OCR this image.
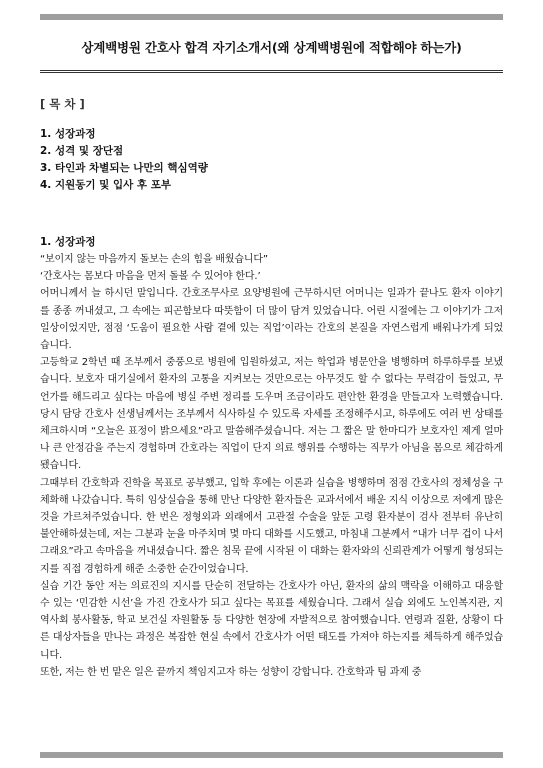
상계백병원 간호사 합격 자기소개서(왜 상계백병원에 적합해야 하는가)
[ 목 차 ]
1. 성장과정
2. 성격 및 장단점
3. 타인과 차별되는 나만의 핵심역량
4. 지원동기 및 입사 후 포부
1. 성장과정

“보이지 않는 마음까지 돌보는 손의 힘을 배웠습니다”

‘간호사는 몸보다 마음을 먼저 돌볼 수 있어야 한다.’

어머니께서 늘 하시던 말입니다. 간호조무사로 요양병원에 근무하시던 어머니는 일과가 끝나도 환자 이야기를 종종 꺼내셨고, 그 속에는 피곤함보다 따뜻함이 더 많이 담겨 있었습니다. 어린 시절에는 그 이야기가 그저 일상이었지만, 점점 ‘도움이 필요한 사람 곁에 있는 직업’이라는 간호의 본질을 자연스럽게 배워나가게 되었습니다.

고등학교 2학년 때 조부께서 중풍으로 병원에 입원하셨고, 저는 학업과 병문안을 병행하며 하루하루를 보냈습니다. 보호자 대기실에서 환자의 고통을 지켜보는 것만으로는 아무것도 할 수 없다는 무력감이 들었고, 무언가를 해드리고 싶다는 마음에 병실 주변 정리를 도우며 조금이라도 편안한 환경을 만들고자 노력했습니다. 당시 담당 간호사 선생님께서는 조부께서 식사하실 수 있도록 자세를 조정해주시고, 하루에도 여러 번 상태를 체크하시며 “오늘은 표정이 밝으세요”라고 말씀해주셨습니다. 저는 그 짧은 말 한마디가 보호자인 제게 얼마나 큰 안정감을 주는지 경험하며 간호라는 직업이 단지 의료 행위를 수행하는 직무가 아님을 몸으로 체감하게 됐습니다.

그때부터 간호학과 진학을 목표로 공부했고, 입학 후에는 이론과 실습을 병행하며 점점 간호사의 정체성을 구체화해 나갔습니다. 특히 임상실습을 통해 만난 다양한 환자들은 교과서에서 배운 지식 이상으로 저에게 많은 것을 가르쳐주었습니다. 한 번은 정형외과 외래에서 고관절 수술을 앞둔 고령 환자분이 검사 전부터 유난히 불안해하셨는데, 저는 그분과 눈을 마주치며 몇 마디 대화를 시도했고, 마침내 그분께서 “내가 너무 겁이 나서 그래요”라고 속마음을 꺼내셨습니다. 짧은 침묵 끝에 시작된 이 대화는 환자와의 신뢰관계가 어떻게 형성되는지를 직접 경험하게 해준 소중한 순간이었습니다.

실습 기간 동안 저는 의료진의 지시를 단순히 전달하는 간호사가 아닌, 환자의 삶의 맥락을 이해하고 대응할 수 있는 ‘민감한 시선’을 가진 간호사가 되고 싶다는 목표를 세웠습니다. 그래서 실습 외에도 노인복지관, 지역사회 봉사활동, 학교 보건실 자원활동 등 다양한 현장에 자발적으로 참여했습니다. 연령과 질환, 상황이 다른 대상자들을 만나는 과정은 복잡한 현실 속에서 간호사가 어떤 태도를 가져야 하는지를 체득하게 해주었습니다.

또한, 저는 한 번 맡은 일은 끝까지 책임지고자 하는 성향이 강합니다. 간호학과 팀 과제 중
